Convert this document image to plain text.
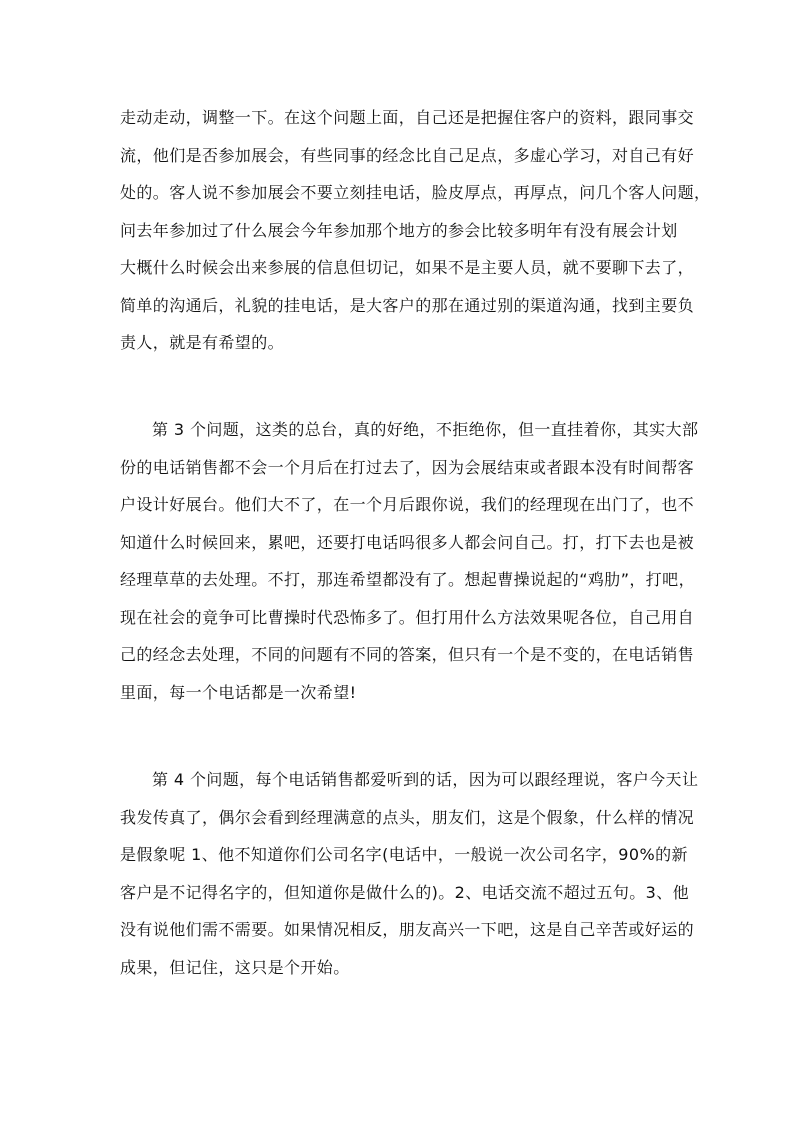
走动走动，调整一下。在这个问题上面，自己还是把握住客户的资料，跟同事交
流，他们是否参加展会，有些同事的经念比自己足点，多虚心学习，对自己有好
处的。客人说不参加展会不要立刻挂电话，脸皮厚点，再厚点，问几个客人问题，
问去年参加过了什么展会今年参加那个地方的参会比较多明年有没有展会计划
大概什么时候会出来参展的信息但切记，如果不是主要人员，就不要聊下去了，
简单的沟通后，礼貌的挂电话，是大客户的那在通过别的渠道沟通，找到主要负
责人，就是有希望的。

第 3 个问题，这类的总台，真的好绝，不拒绝你，但一直挂着你，其实大部
份的电话销售都不会一个月后在打过去了，因为会展结束或者跟本没有时间帮客
户设计好展台。他们大不了，在一个月后跟你说，我们的经理现在出门了，也不
知道什么时候回来，累吧，还要打电话吗很多人都会问自己。打，打下去也是被
经理草草的去处理。不打，那连希望都没有了。想起曹操说起的“鸡肋”，打吧，
现在社会的竟争可比曹操时代恐怖多了。但打用什么方法效果呢各位，自己用自
己的经念去处理，不同的问题有不同的答案，但只有一个是不变的，在电话销售
里面，每一个电话都是一次希望!

第 4 个问题，每个电话销售都爱听到的话，因为可以跟经理说，客户今天让
我发传真了，偶尔会看到经理满意的点头，朋友们，这是个假象，什么样的情况
是假象呢 1、他不知道你们公司名字(电话中，一般说一次公司名字，90%的新
客户是不记得名字的，但知道你是做什么的)。2、电话交流不超过五句。3、他
没有说他们需不需要。如果情况相反，朋友高兴一下吧，这是自己辛苦或好运的
成果，但记住，这只是个开始。
